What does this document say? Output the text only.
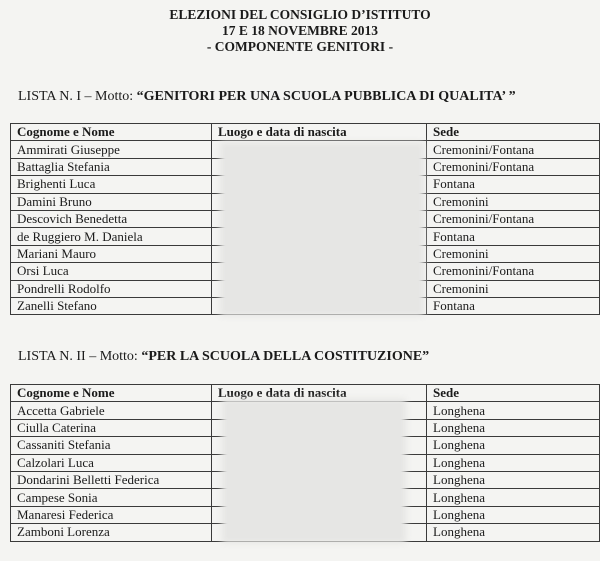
ELEZIONI DEL CONSIGLIO D’ISTITUTO
17 E 18 NOVEMBRE 2013
- COMPONENTE GENITORI -
LISTA N. I – Motto: “GENITORI PER UNA SCUOLA PUBBLICA DI QUALITA’ ”
Cognome e Nome	Luogo e data di nascita	Sede
Ammirati Giuseppe		Cremonini/Fontana
Battaglia Stefania		Cremonini/Fontana
Brighenti Luca		Fontana
Damini Bruno		Cremonini
Descovich Benedetta		Cremonini/Fontana
de Ruggiero M. Daniela		Fontana
Mariani Mauro		Cremonini
Orsi Luca		Cremonini/Fontana
Pondrelli Rodolfo		Cremonini
Zanelli Stefano		Fontana
LISTA N. II – Motto: “PER LA SCUOLA DELLA COSTITUZIONE”
Cognome e Nome	Luogo e data di nascita	Sede
Accetta Gabriele		Longhena
Ciulla Caterina		Longhena
Cassaniti Stefania		Longhena
Calzolari Luca		Longhena
Dondarini Belletti Federica		Longhena
Campese Sonia		Longhena
Manaresi Federica		Longhena
Zamboni Lorenza		Longhena
